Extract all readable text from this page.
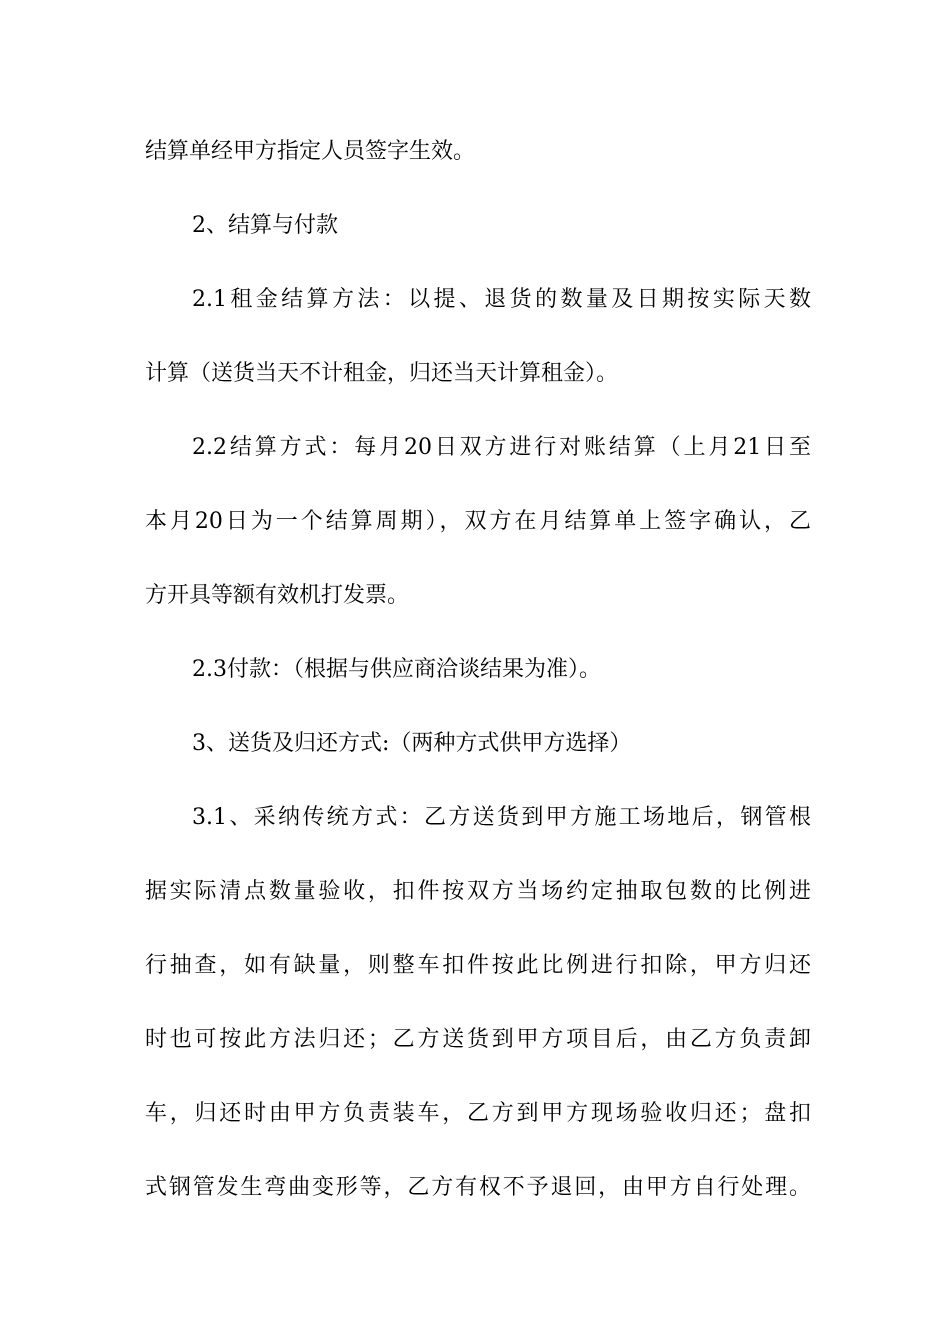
结算单经甲方指定人员签字生效。
2、结算与付款
2.1租金结算方法：以提、退货的数量及日期按实际天数
计算（送货当天不计租金，归还当天计算租金）。
2.2结算方式：每月20日双方进行对账结算（上月21日至
本月20日为一个结算周期），双方在月结算单上签字确认，乙
方开具等额有效机打发票。
2.3付款：（根据与供应商洽谈结果为准）。
3、送货及归还方式:（两种方式供甲方选择）
3.1、采纳传统方式：乙方送货到甲方施工场地后，钢管根
据实际清点数量验收，扣件按双方当场约定抽取包数的比例进
行抽查，如有缺量，则整车扣件按此比例进行扣除，甲方归还
时也可按此方法归还；乙方送货到甲方项目后，由乙方负责卸
车，归还时由甲方负责装车，乙方到甲方现场验收归还；盘扣
式钢管发生弯曲变形等，乙方有权不予退回，由甲方自行处理。
